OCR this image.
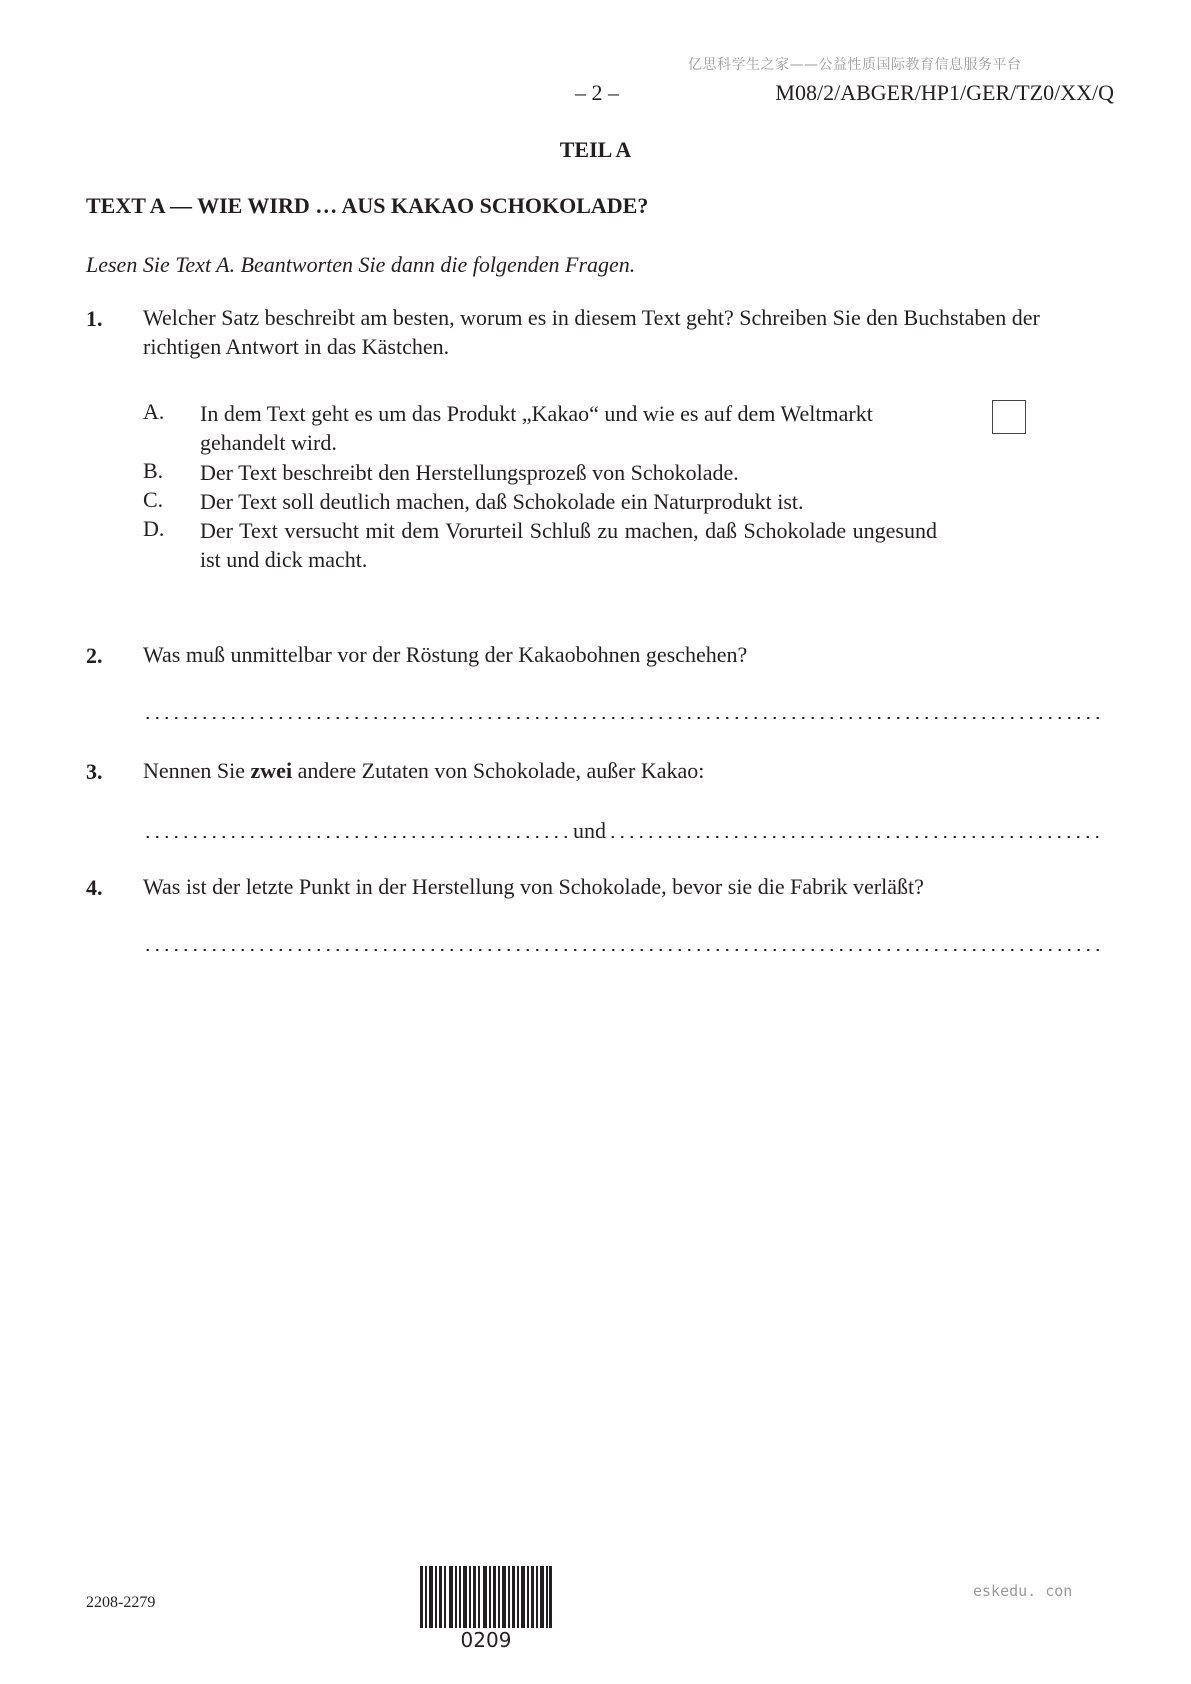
亿思科学生之家——公益性质国际教育信息服务平台
– 2 –	M08/2/ABGER/HP1/GER/TZ0/XX/Q
TEIL A
TEXT A — WIE WIRD … AUS KAKAO SCHOKOLADE?
Lesen Sie Text A. Beantworten Sie dann die folgenden Fragen.
1. Welcher Satz beschreibt am besten, worum es in diesem Text geht? Schreiben Sie den Buchstaben der richtigen Antwort in das Kästchen.
A. In dem Text geht es um das Produkt „Kakao“ und wie es auf dem Weltmarkt gehandelt wird.
B. Der Text beschreibt den Herstellungsprozeß von Schokolade.
C. Der Text soll deutlich machen, daß Schokolade ein Naturprodukt ist.
D. Der Text versucht mit dem Vorurteil Schluß zu machen, daß Schokolade ungesund ist und dick macht.
2. Was muß unmittelbar vor der Röstung der Kakaobohnen geschehen?
3. Nennen Sie zwei andere Zutaten von Schokolade, außer Kakao:
und
4. Was ist der letzte Punkt in der Herstellung von Schokolade, bevor sie die Fabrik verläßt?
2208-2279
0209
eskedu. con
